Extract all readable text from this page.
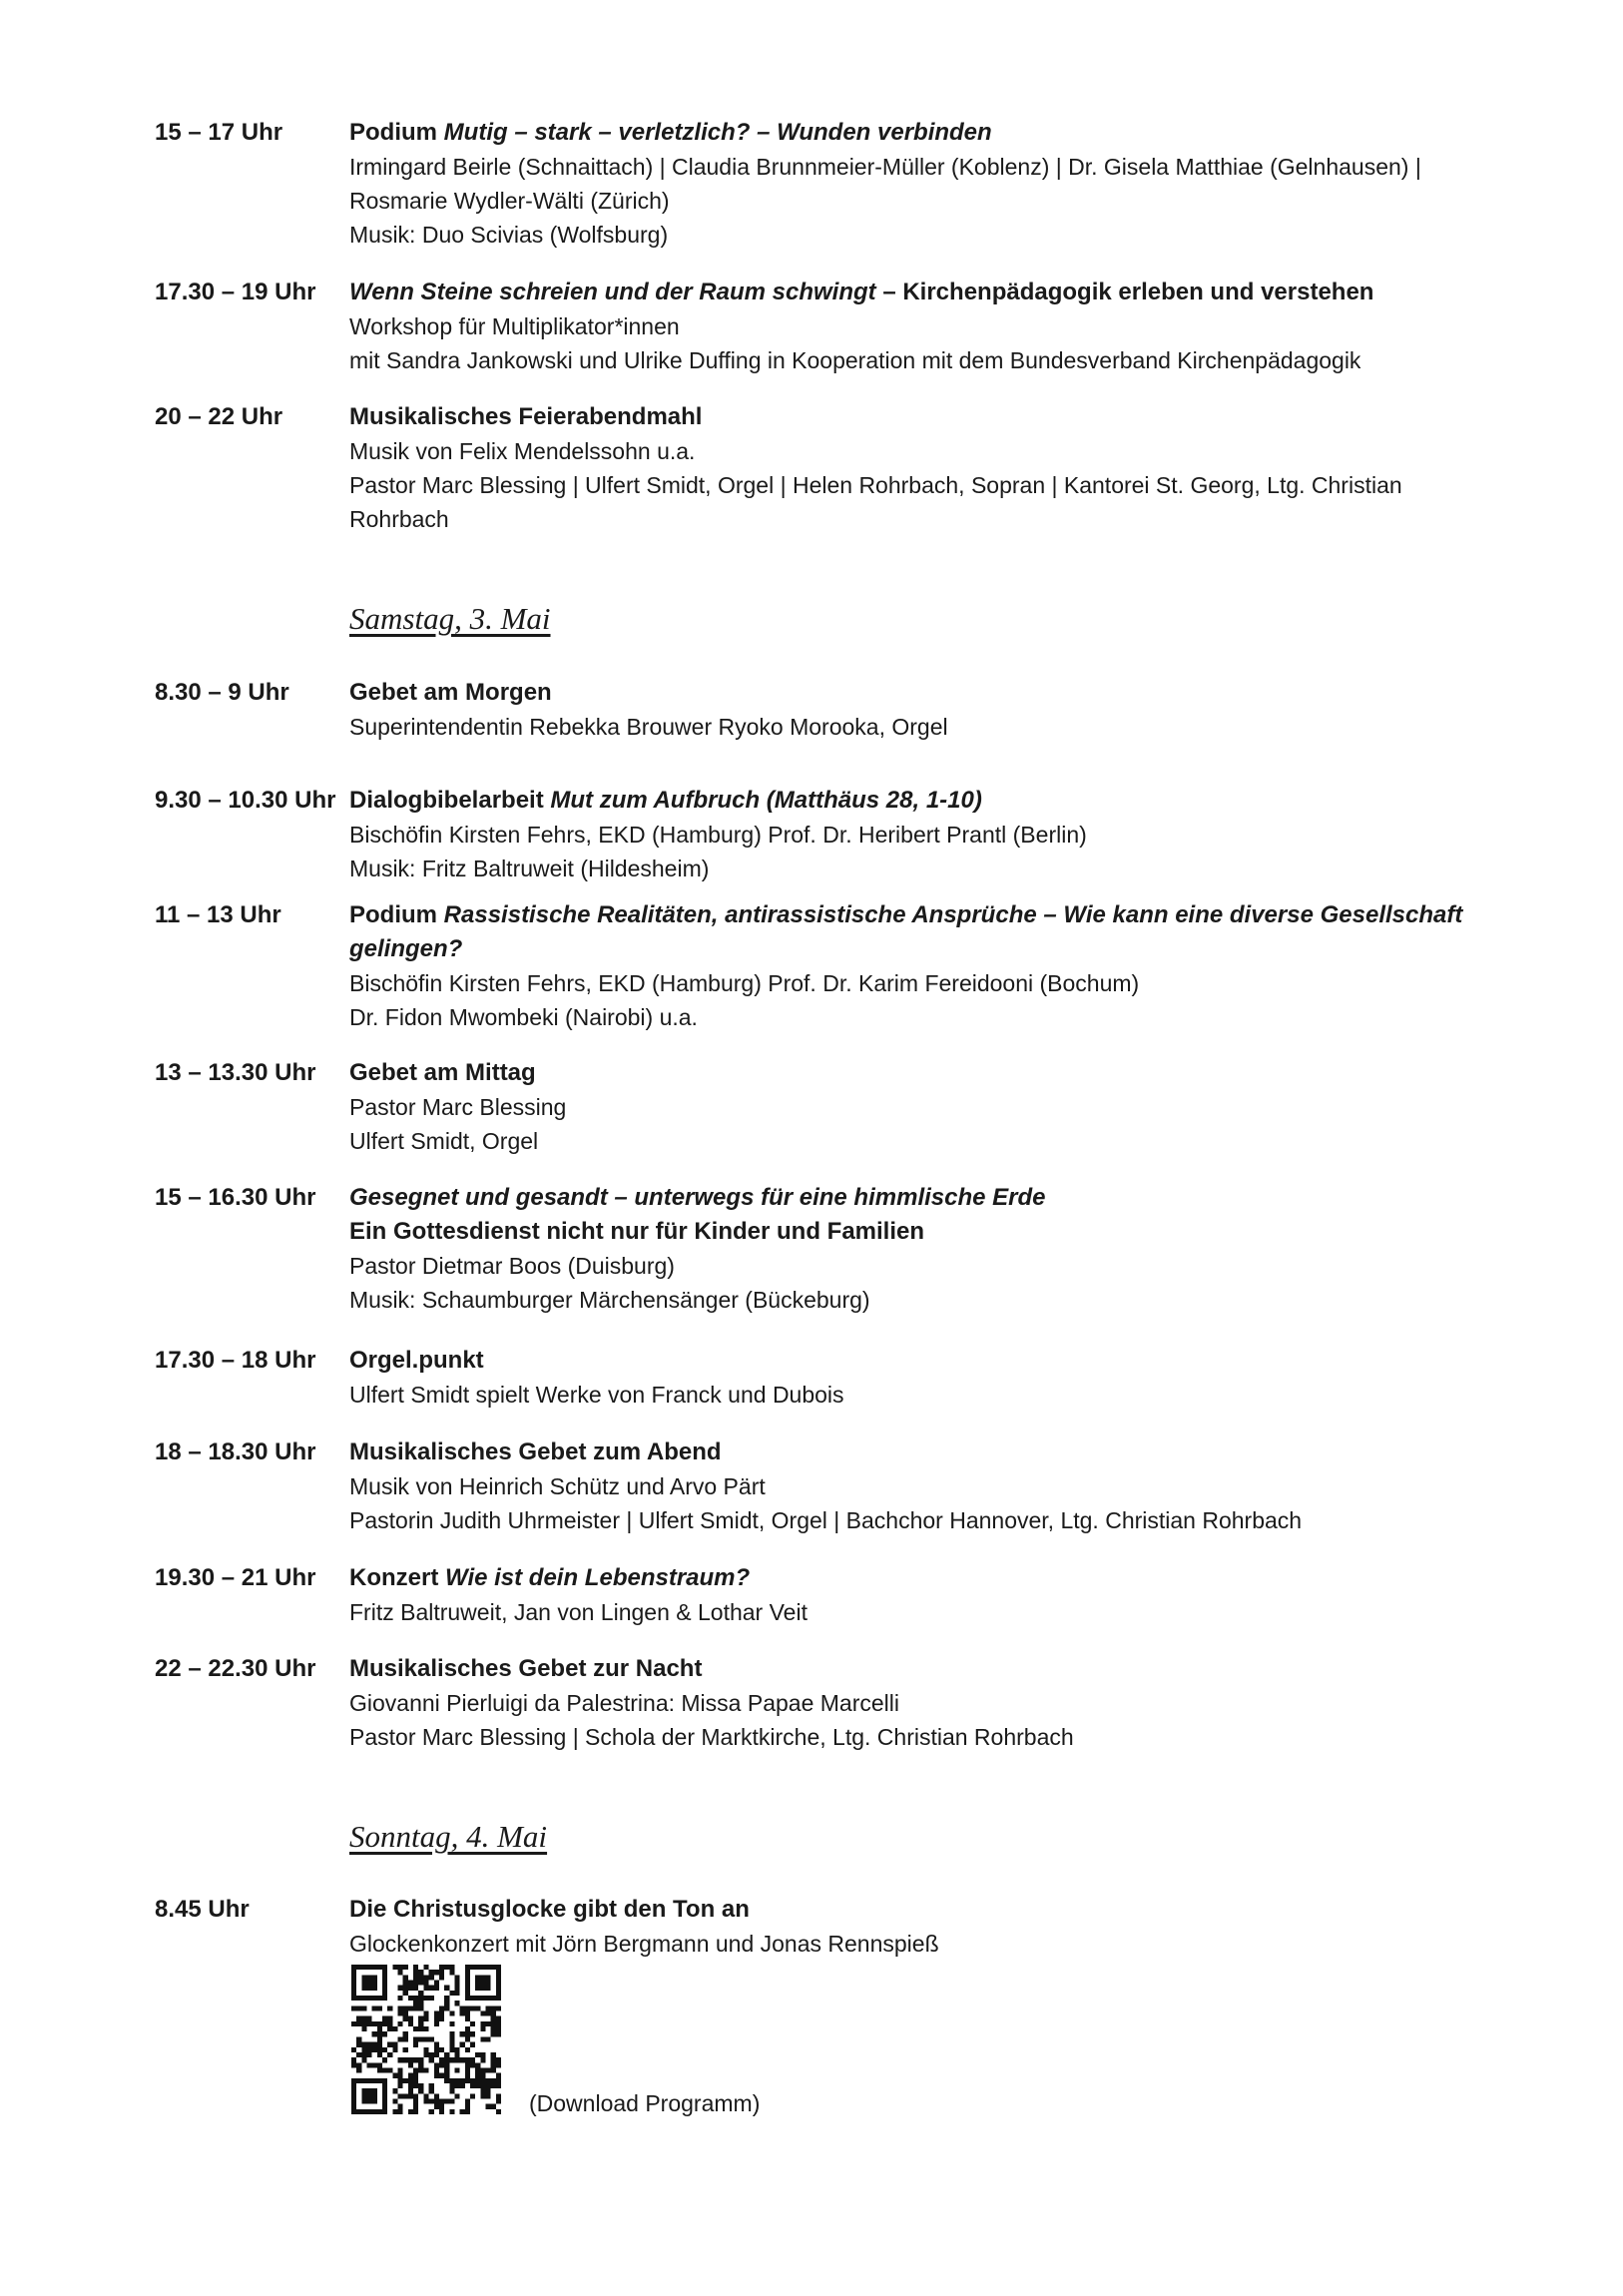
15 – 17 Uhr	Podium Mutig – stark – verletzlich? – Wunden verbinden
Irmingard Beirle (Schnaittach) | Claudia Brunnmeier-Müller (Koblenz) | Dr. Gisela Matthiae (Gelnhausen) |
Rosmarie Wydler-Wälti (Zürich)
Musik: Duo Scivias (Wolfsburg)
17.30 – 19 Uhr Wenn Steine schreien und der Raum schwingt – Kirchenpädagogik erleben und verstehen
Workshop für Multiplikator*innen
mit Sandra Jankowski und Ulrike Duffing in Kooperation mit dem Bundesverband Kirchenpädagogik
20 – 22 Uhr	Musikalisches Feierabendmahl
Musik von Felix Mendelssohn u.a.
Pastor Marc Blessing | Ulfert Smidt, Orgel | Helen Rohrbach, Sopran | Kantorei St. Georg, Ltg. Christian
Rohrbach
Samstag, 3. Mai
8.30 – 9 Uhr	Gebet am Morgen
Superintendentin Rebekka Brouwer Ryoko Morooka, Orgel
9.30 – 10.30 Uhr Dialogbibelarbeit Mut zum Aufbruch (Matthäus 28, 1-10)
Bischöfin Kirsten Fehrs, EKD (Hamburg) Prof. Dr. Heribert Prantl (Berlin)
Musik: Fritz Baltruweit (Hildesheim)
11 – 13 Uhr	Podium Rassistische Realitäten, antirassistische Ansprüche – Wie kann eine diverse Gesellschaft
gelingen?
Bischöfin Kirsten Fehrs, EKD (Hamburg) Prof. Dr. Karim Fereidooni (Bochum)
Dr. Fidon Mwombeki (Nairobi) u.a.
13 – 13.30 Uhr Gebet am Mittag
Pastor Marc Blessing
Ulfert Smidt, Orgel
15 – 16.30 Uhr Gesegnet und gesandt – unterwegs für eine himmlische Erde
Ein Gottesdienst nicht nur für Kinder und Familien
Pastor Dietmar Boos (Duisburg)
Musik: Schaumburger Märchensänger (Bückeburg)
17.30 – 18 Uhr Orgel.punkt
Ulfert Smidt spielt Werke von Franck und Dubois
18 – 18.30 Uhr Musikalisches Gebet zum Abend
Musik von Heinrich Schütz und Arvo Pärt
Pastorin Judith Uhrmeister | Ulfert Smidt, Orgel | Bachchor Hannover, Ltg. Christian Rohrbach
19.30 – 21 Uhr Konzert Wie ist dein Lebenstraum?
Fritz Baltruweit, Jan von Lingen & Lothar Veit
22 – 22.30 Uhr Musikalisches Gebet zur Nacht
Giovanni Pierluigi da Palestrina: Missa Papae Marcelli
Pastor Marc Blessing | Schola der Marktkirche, Ltg. Christian Rohrbach
Sonntag, 4. Mai
8.45 Uhr	Die Christusglocke gibt den Ton an
Glockenkonzert mit Jörn Bergmann und Jonas Rennspieß
(Download Programm)
